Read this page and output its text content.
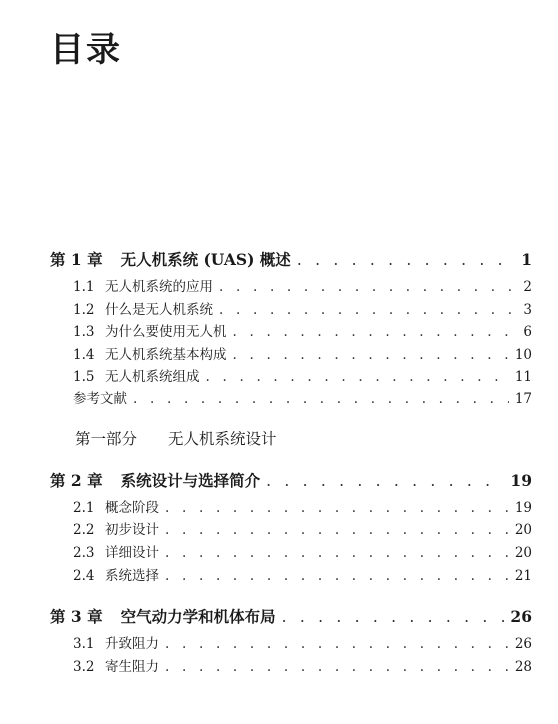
目录
第 1 章 无人机系统 (UAS) 概述 . . .	1
1.1 无人机系统的应用 . . .	2
1.2 什么是无人机系统 . . .	3
1.3 为什么要使用无人机 . . .	6
1.4 无人机系统基本构成 . . .	10
1.5 无人机系统组成 . . .	11
参考文献 . . .	17
第一部分 无人机系统设计
第 2 章 系统设计与选择简介 . . .	19
2.1 概念阶段 . . .	19
2.2 初步设计 . . .	20
2.3 详细设计 . . .	20
2.4 系统选择 . . .	21
第 3 章 空气动力学和机体布局 . . .	26
3.1 升致阻力 . . .	26
3.2 寄生阻力 . . .	28
